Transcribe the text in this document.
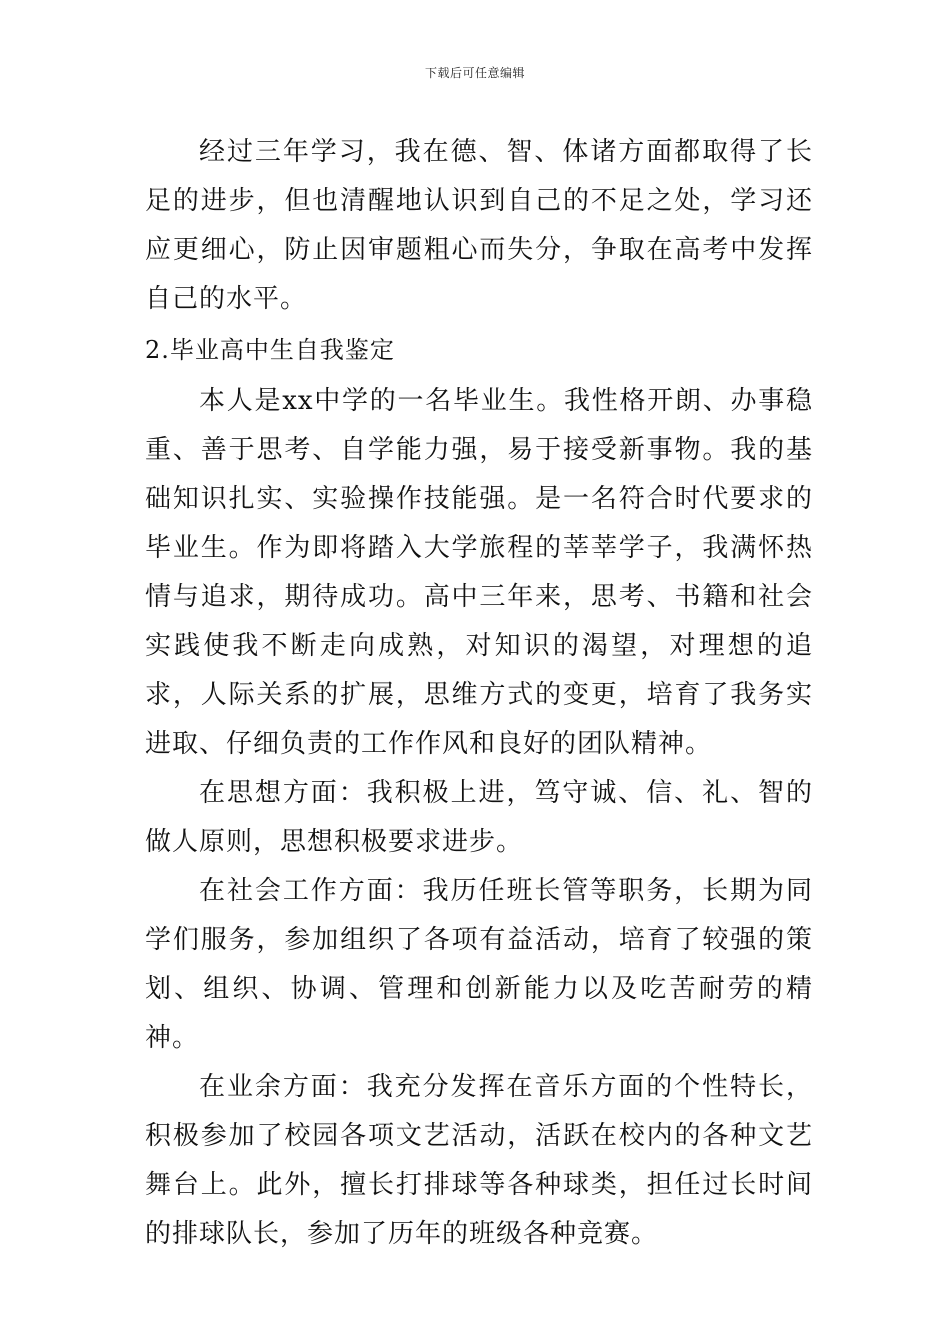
下载后可任意编辑

经过三年学习，我在德、智、体诸方面都取得了长足的进步，但也清醒地认识到自己的不足之处，学习还应更细心，防止因审题粗心而失分，争取在高考中发挥自己的水平。

2.毕业高中生自我鉴定

本人是xx中学的一名毕业生。我性格开朗、办事稳重、善于思考、自学能力强，易于接受新事物。我的基础知识扎实、实验操作技能强。是一名符合时代要求的毕业生。作为即将踏入大学旅程的莘莘学子，我满怀热情与追求，期待成功。高中三年来，思考、书籍和社会实践使我不断走向成熟，对知识的渴望，对理想的追求，人际关系的扩展，思维方式的变更，培育了我务实进取、仔细负责的工作作风和良好的团队精神。

在思想方面：我积极上进，笃守诚、信、礼、智的做人原则，思想积极要求进步。

在社会工作方面：我历任班长管等职务，长期为同学们服务，参加组织了各项有益活动，培育了较强的策划、组织、协调、管理和创新能力以及吃苦耐劳的精神。

在业余方面：我充分发挥在音乐方面的个性特长，积极参加了校园各项文艺活动，活跃在校内的各种文艺舞台上。此外，擅长打排球等各种球类，担任过长时间的排球队长，参加了历年的班级各种竞赛。
